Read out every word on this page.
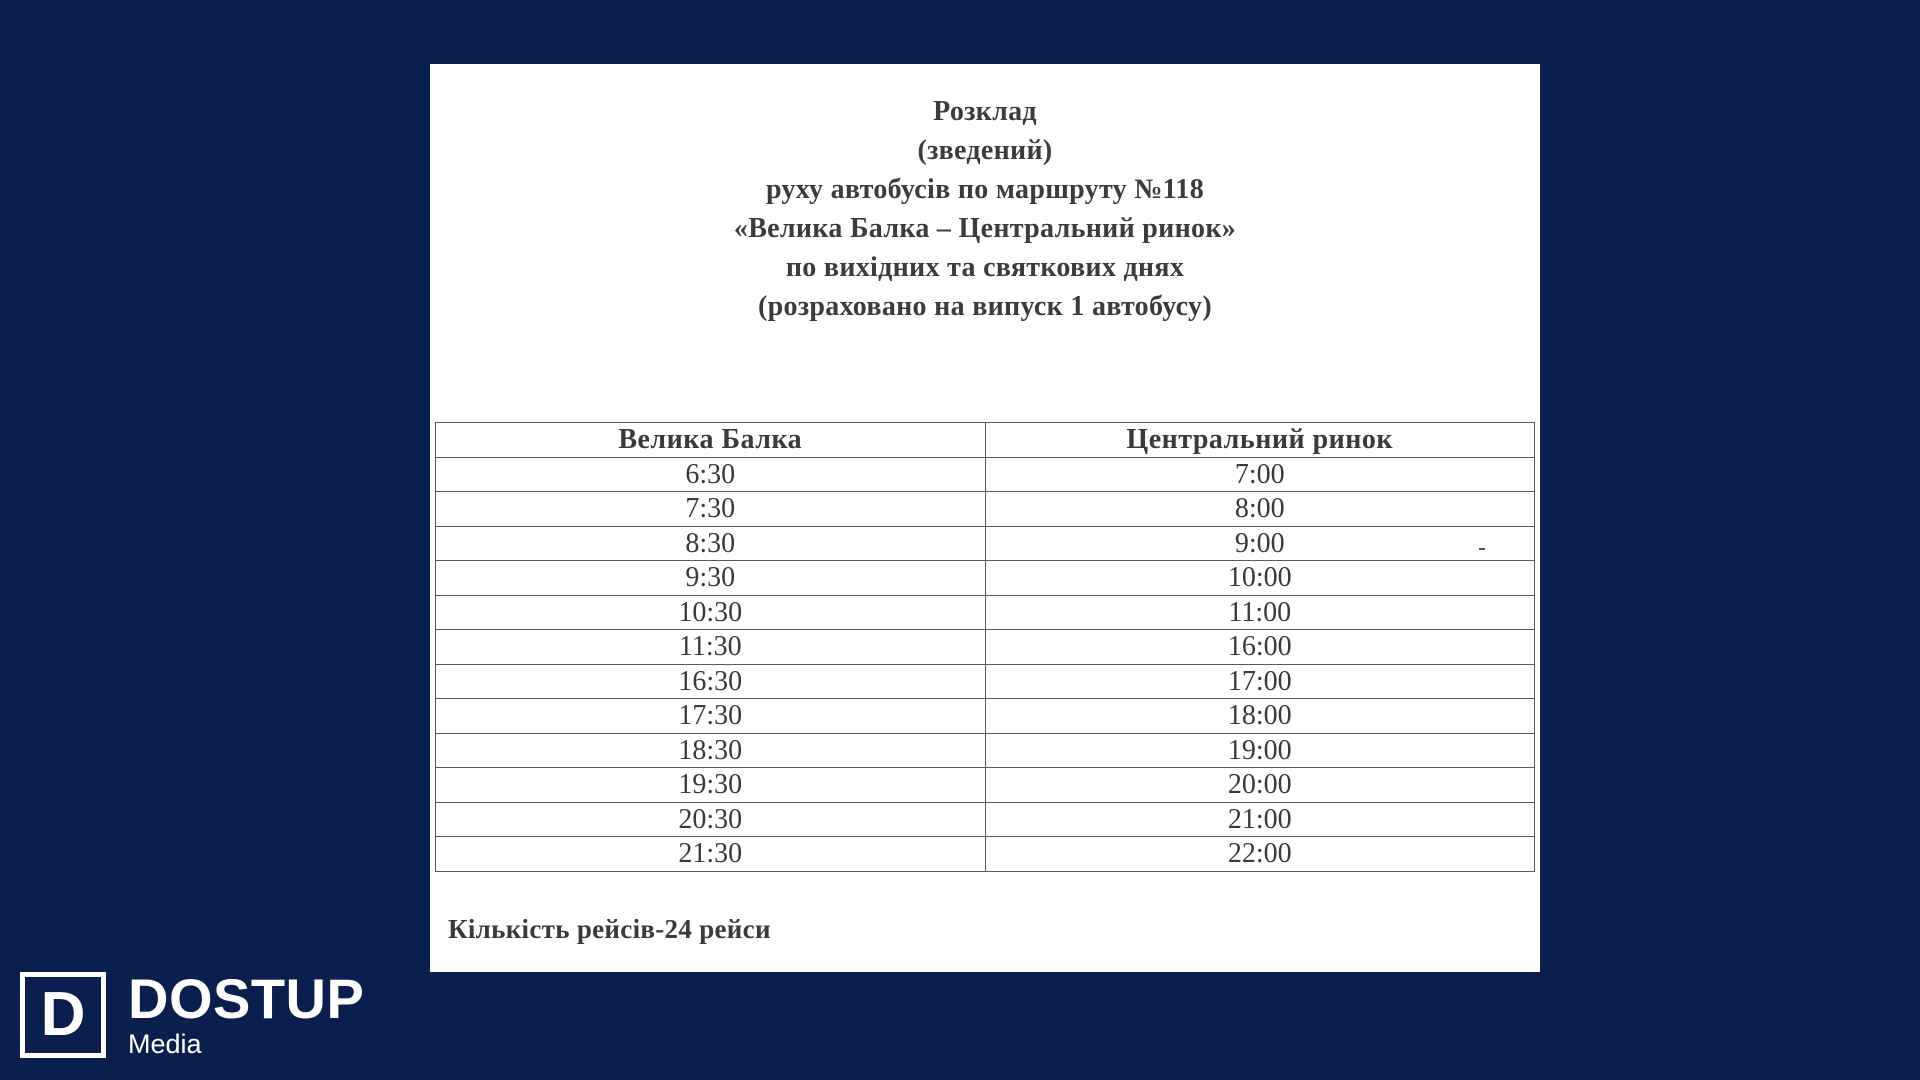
Розклад
(зведений)
руху автобусів по маршруту №118
«Велика Балка – Центральний ринок»
по вихідних та святкових днях
(розраховано на випуск 1 автобусу)
Велика Балка	Центральний ринок
6:30	7:00
7:30	8:00
8:30	9:00
9:30	10:00
10:30	11:00
11:30	16:00
16:30	17:00
17:30	18:00
18:30	19:00
19:30	20:00
20:30	21:00
21:30	22:00
Кількість рейсів-24 рейси
D DOSTUP
Media
